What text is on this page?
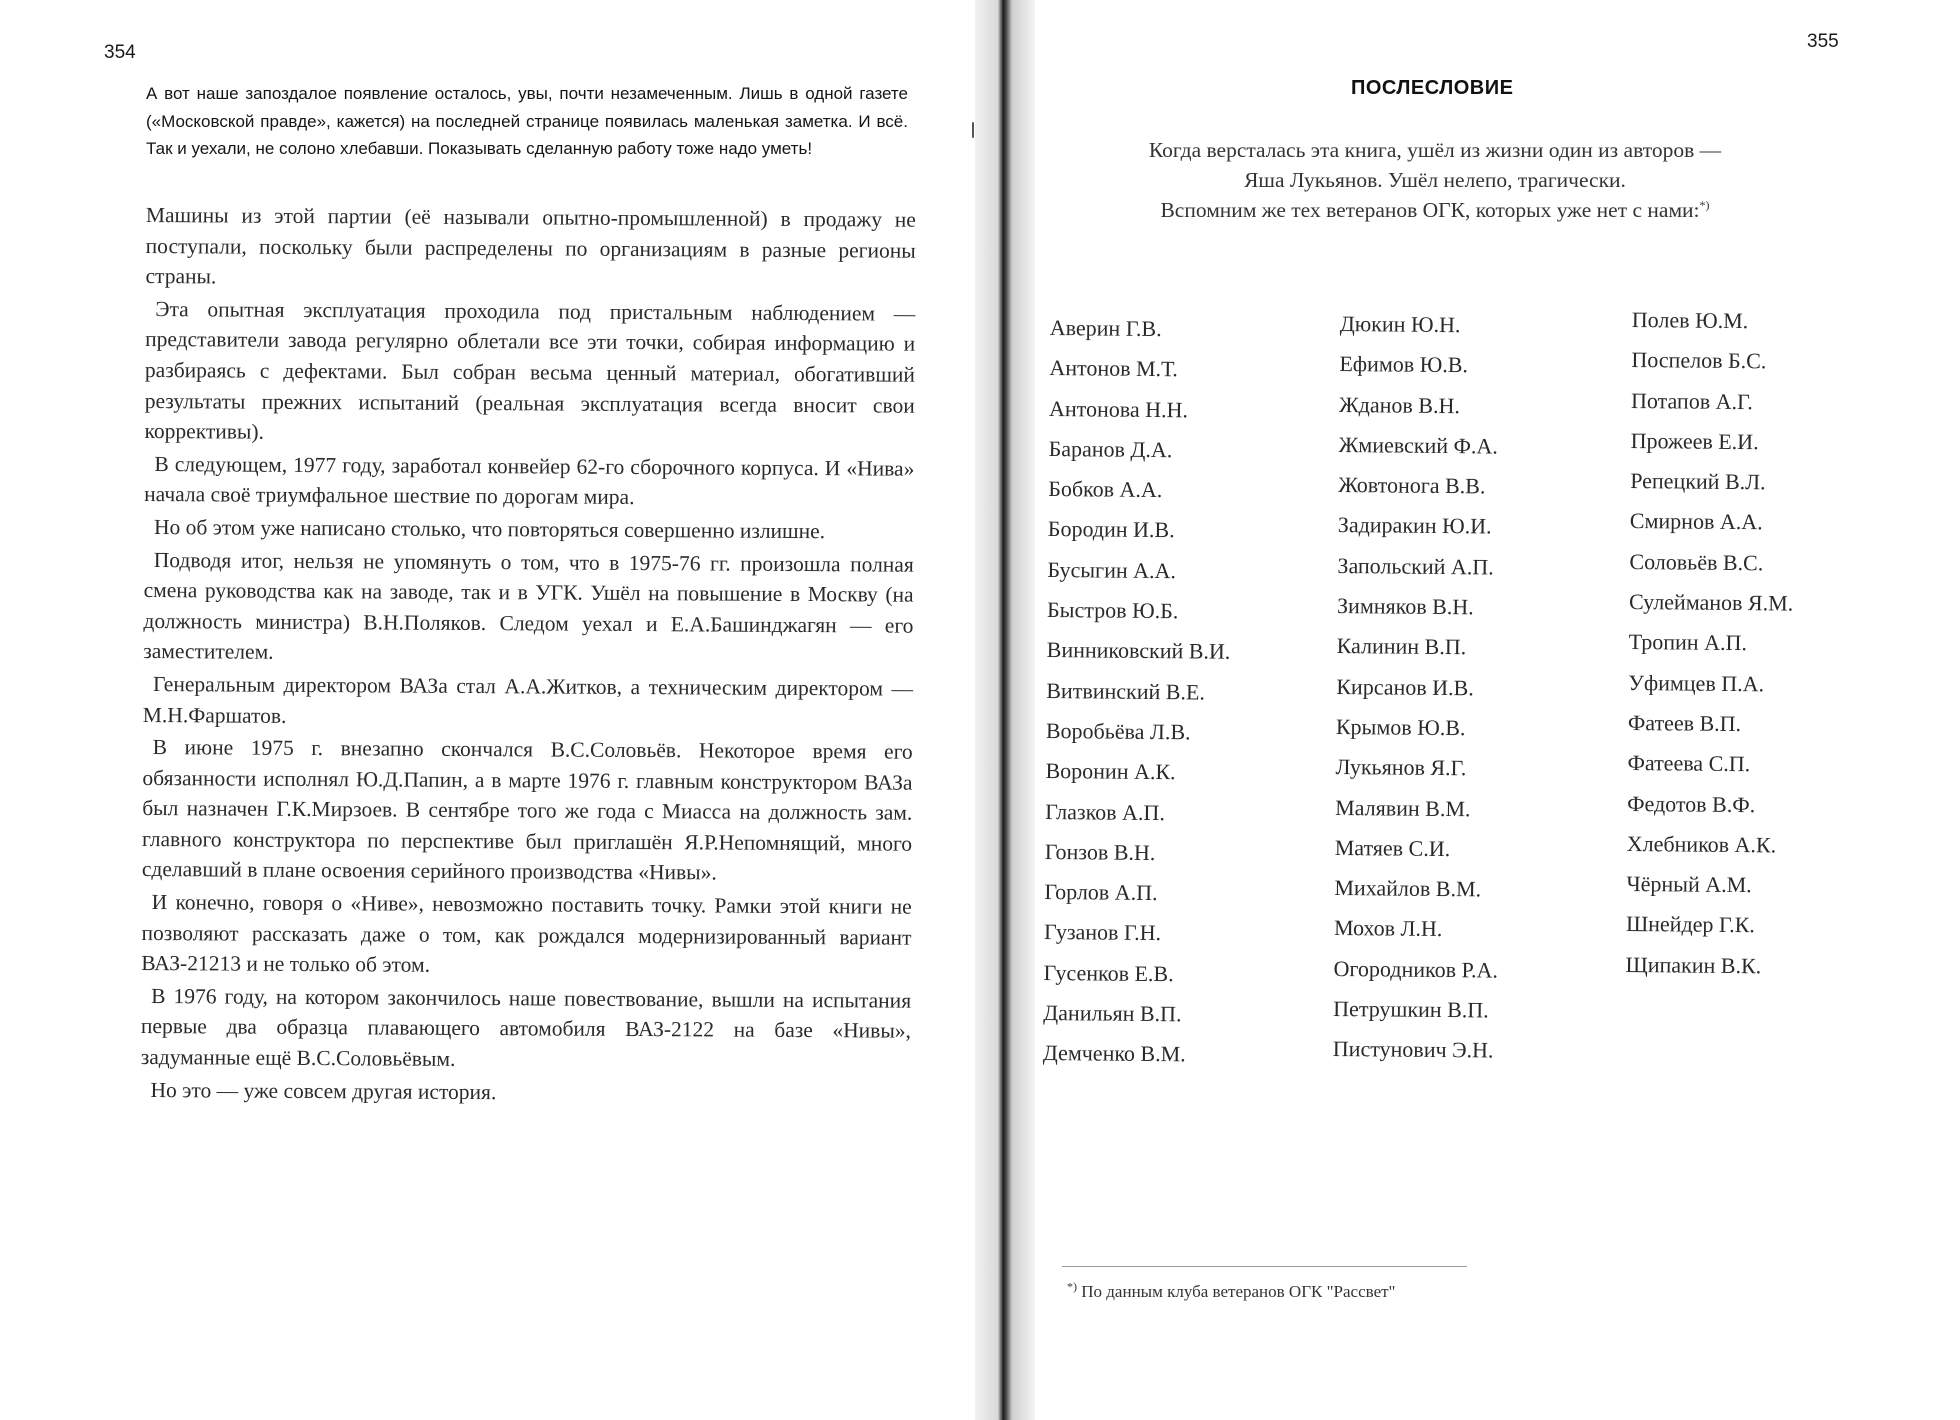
354
А вот наше запоздалое появление осталось, увы, почти незамеченным. Лишь в одной газете («Московской правде», кажется) на последней странице появилась маленькая заметка. И всё. Так и уехали, не солоно хлебавши. Показывать сделанную работу тоже надо уметь!

Машины из этой партии (её называли опытно-промышленной) в продажу не поступали, поскольку были распределены по организациям в разные регионы страны.

Эта опытная эксплуатация проходила под пристальным наблюдением — представители завода регулярно облетали все эти точки, собирая информацию и разбираясь с дефектами. Был собран весьма ценный материал, обогативший результаты прежних испытаний (реальная эксплуатация всегда вносит свои коррективы).

В следующем, 1977 году, заработал конвейер 62-го сборочного корпуса. И «Нива» начала своё триумфальное шествие по дорогам мира.

Но об этом уже написано столько, что повторяться совершенно излишне.

Подводя итог, нельзя не упомянуть о том, что в 1975-76 гг. произошла полная смена руководства как на заводе, так и в УГК. Ушёл на повышение в Москву (на должность министра) В.Н.Поляков. Следом уехал и Е.А.Башинджагян — его заместителем.

Генеральным директором ВАЗа стал А.А.Житков, а техническим директором — М.Н.Фаршатов.

В июне 1975 г. внезапно скончался В.С.Соловьёв. Некоторое время его обязанности исполнял Ю.Д.Папин, а в марте 1976 г. главным конструктором ВАЗа был назначен Г.К.Мирзоев. В сентябре того же года с Миасса на должность зам. главного конструктора по перспективе был приглашён Я.Р.Непомнящий, много сделавший в плане освоения серийного производства «Нивы».

И конечно, говоря о «Ниве», невозможно поставить точку. Рамки этой книги не позволяют рассказать даже о том, как рождался модернизированный вариант ВАЗ-21213 и не только об этом.

В 1976 году, на котором закончилось наше повествование, вышли на испытания первые два образца плавающего автомобиля ВАЗ-2122 на базе «Нивы», задуманные ещё В.С.Соловьёвым.

Но это — уже совсем другая история.

355
ПОСЛЕСЛОВИЕ
Когда версталась эта книга, ушёл из жизни один из авторов —
Яша Лукьянов. Ушёл нелепо, трагически.
Вспомним же тех ветеранов ОГК, которых уже нет с нами:*)
Аверин Г.В.
Антонов М.Т.
Антонова Н.Н.
Баранов Д.А.
Бобков А.А.
Бородин И.В.
Бусыгин А.А.
Быстров Ю.Б.
Винниковский В.И.
Витвинский В.Е.
Воробьёва Л.В.
Воронин А.К.
Глазков А.П.
Гонзов В.Н.
Горлов А.П.
Гузанов Г.Н.
Гусенков Е.В.
Данильян В.П.
Демченко В.М.
Дюкин Ю.Н.
Ефимов Ю.В.
Жданов В.Н.
Жмиевский Ф.А.
Жовтонога В.В.
Задиракин Ю.И.
Запольский А.П.
Зимняков В.Н.
Калинин В.П.
Кирсанов И.В.
Крымов Ю.В.
Лукьянов Я.Г.
Малявин В.М.
Матяев С.И.
Михайлов В.М.
Мохов Л.Н.
Огородников Р.А.
Петрушкин В.П.
Пистунович Э.Н.
Полев Ю.М.
Поспелов Б.С.
Потапов А.Г.
Прожеев Е.И.
Репецкий В.Л.
Смирнов А.А.
Соловьёв В.С.
Сулейманов Я.М.
Тропин А.П.
Уфимцев П.А.
Фатеев В.П.
Фатеева С.П.
Федотов В.Ф.
Хлебников А.К.
Чёрный А.М.
Шнейдер Г.К.
Щипакин В.К.
*) По данным клуба ветеранов ОГК "Рассвет"
